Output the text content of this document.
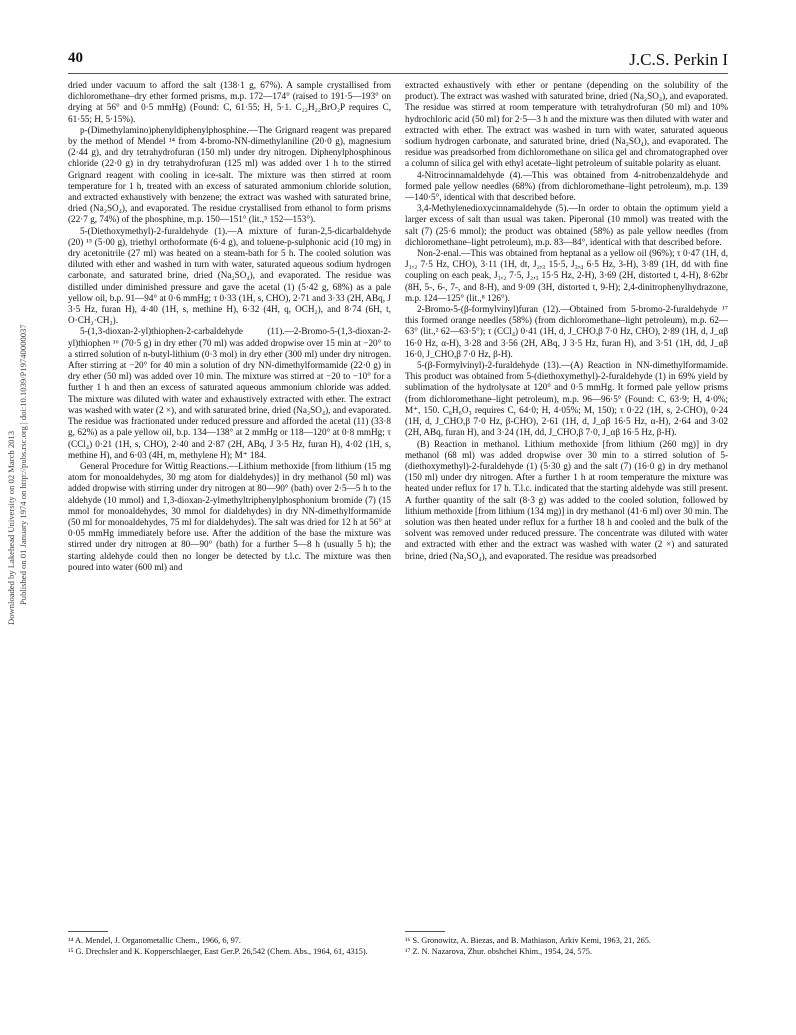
Downloaded by Lakehead University on 02 March 2013 Published on 01 January 1974 on http://pubs.rsc.org | doi:10.1039/P19740000037
40	J.C.S. Perkin I

dried under vacuum to afford the salt (138·1 g, 67%). A sample crystallised from dichloromethane–dry ether formed prisms, m.p. 172—174° (raised to 191·5—193° on drying at 56° and 0·5 mmHg) (Found: C, 61·55; H, 5·1. C₂₂H₂₂BrO₂P requires C, 61·55; H, 5·15%).

p-(Dimethylamino)phenyldiphenylphosphine.—The Grignard reagent was prepared by the method of Mendel ¹⁴ from 4-bromo-NN-dimethylaniline (20·0 g), magnesium (2·44 g), and dry tetrahydrofuran (150 ml) under dry nitrogen. Diphenylphosphinous chloride (22·0 g) in dry tetrahydrofuran (125 ml) was added over 1 h to the stirred Grignard reagent with cooling in ice-salt. The mixture was then stirred at room temperature for 1 h, treated with an excess of saturated ammonium chloride solution, and extracted exhaustively with benzene; the extract was washed with saturated brine, dried (Na₂SO₄), and evaporated. The residue crystallised from ethanol to form prisms (22·7 g, 74%) of the phosphine, m.p. 150—151° (lit.,⁵ 152—153°).

5-(Diethoxymethyl)-2-furaldehyde (1).—A mixture of furan-2,5-dicarbaldehyde (20) ¹⁵ (5·00 g), triethyl orthoformate (6·4 g), and toluene-p-sulphonic acid (10 mg) in dry acetonitrile (27 ml) was heated on a steam-bath for 5 h. The cooled solution was diluted with ether and washed in turn with water, saturated aqueous sodium hydrogen carbonate, and saturated brine, dried (Na₂SO₄), and evaporated. The residue was distilled under diminished pressure and gave the acetal (1) (5·42 g, 68%) as a pale yellow oil, b.p. 91—94° at 0·6 mmHg; τ 0·33 (1H, s, CHO), 2·71 and 3·33 (2H, ABq, J 3·5 Hz, furan H), 4·40 (1H, s, methine H), 6·32 (4H, q, OCH₂), and 8·74 (6H, t, O·CH₂·CH₃).

5-(1,3-dioxan-2-yl)thiophen-2-carbaldehyde (11).—2-Bromo-5-(1,3-dioxan-2-yl)thiophen ¹⁶ (70·5 g) in dry ether (70 ml) was added dropwise over 15 min at −20° to a stirred solution of n-butyl-lithium (0·3 mol) in dry ether (300 ml) under dry nitrogen. After stirring at −20° for 40 min a solution of dry NN-dimethylformamide (22·0 g) in dry ether (50 ml) was added over 10 min. The mixture was stirred at −20 to −10° for a further 1 h and then an excess of saturated aqueous ammonium chloride was added. The mixture was diluted with water and exhaustively extracted with ether. The extract was washed with water (2 ×), and with saturated brine, dried (Na₂SO₄), and evaporated. The residue was fractionated under reduced pressure and afforded the acetal (11) (33·8 g, 62%) as a pale yellow oil, b.p. 134—138° at 2 mmHg or 118—120° at 0·8 mmHg; τ (CCl₄) 0·21 (1H, s, CHO), 2·40 and 2·87 (2H, ABq, J 3·5 Hz, furan H), 4·02 (1H, s, methine H), and 6·03 (4H, m, methylene H); M⁺ 184.

General Procedure for Wittig Reactions.—Lithium methoxide [from lithium (15 mg atom for monoaldehydes, 30 mg atom for dialdehydes)] in dry methanol (50 ml) was added dropwise with stirring under dry nitrogen at 80—90° (bath) over 2·5—5 h to the aldehyde (10 mmol) and 1,3-dioxan-2-ylmethyltriphenylphosphonium bromide (7) (15 mmol for monoaldehydes, 30 mmol for dialdehydes) in dry NN-dimethylformamide (50 ml for monoaldehydes, 75 ml for dialdehydes). The salt was dried for 12 h at 56° at 0·05 mmHg immediately before use. After the addition of the base the mixture was stirred under dry nitrogen at 80—90° (bath) for a further 5—8 h (usually 5 h); the starting aldehyde could then no longer be detected by t.l.c. The mixture was then poured into water (600 ml) and

extracted exhaustively with ether or pentane (depending on the solubility of the product). The extract was washed with saturated brine, dried (Na₂SO₄), and evaporated. The residue was stirred at room temperature with tetrahydrofuran (50 ml) and 10% hydrochloric acid (50 ml) for 2·5—3 h and the mixture was then diluted with water and extracted with ether. The extract was washed in turn with water, saturated aqueous sodium hydrogen carbonate, and saturated brine, dried (Na₂SO₄), and evaporated. The residue was preadsorbed from dichloromethane on silica gel and chromatographed over a column of silica gel with ethyl acetate–light petroleum of suitable polarity as eluant.

4-Nitrocinnamaldehyde (4).—This was obtained from 4-nitrobenzaldehyde and formed pale yellow needles (68%) (from dichloromethane–light petroleum), m.p. 139—140·5°, identical with that described before.

3,4-Methylenedioxycinnamaldehyde (5).—In order to obtain the optimum yield a larger excess of salt than usual was taken. Piperonal (10 mmol) was treated with the salt (7) (25·6 mmol); the product was obtained (58%) as pale yellow needles (from dichloromethane–light petroleum), m.p. 83—84°, identical with that described before.

Non-2-enal.—This was obtained from heptanal as a yellow oil (96%); τ 0·47 (1H, d, J₁,₂ 7·5 Hz, CHO), 3·11 (1H, dt, J₂,₃ 15·5, J₃,₄ 6·5 Hz, 3-H), 3·89 (1H, dd with fine coupling on each peak, J₁,₂ 7·5, J₂,₃ 15·5 Hz, 2-H), 3·69 (2H, distorted t, 4-H), 8·62br (8H, 5-, 6-, 7-, and 8-H), and 9·09 (3H, distorted t, 9-H); 2,4-dinitrophenylhydrazone, m.p. 124—125° (lit.,⁸ 126°).

2-Bromo-5-(β-formylvinyl)furan (12).—Obtained from 5-bromo-2-furaldehyde ¹⁷ this formed orange needles (58%) (from dichloromethane–light petroleum), m.p. 62—63° (lit.,² 62—63·5°); τ (CCl₄) 0·41 (1H, d, J_CHO,β 7·0 Hz, CHO), 2·89 (1H, d, J_αβ 16·0 Hz, α-H), 3·28 and 3·56 (2H, ABq, J 3·5 Hz, furan H), and 3·51 (1H, dd, J_αβ 16·0, J_CHO,β 7·0 Hz, β-H).

5-(β-Formylvinyl)-2-furaldehyde (13).—(A) Reaction in NN-dimethylformamide. This product was obtained from 5-(diethoxymethyl)-2-furaldehyde (1) in 69% yield by sublimation of the hydrolysate at 120° and 0·5 mmHg. It formed pale yellow prisms (from dichloromethane–light petroleum), m.p. 96—96·5° (Found: C, 63·9; H, 4·0%; M⁺, 150. C₈H₆O₃ requires C, 64·0; H, 4·05%; M, 150); τ 0·22 (1H, s, 2-CHO), 0·24 (1H, d, J_CHO,β 7·0 Hz, β-CHO), 2·61 (1H, d, J_αβ 16·5 Hz, α-H), 2·64 and 3·02 (2H, ABq, furan H), and 3·24 (1H, dd, J_CHO,β 7·0, J_αβ 16·5 Hz, β-H).

(B) Reaction in methanol. Lithium methoxide [from lithium (260 mg)] in dry methanol (68 ml) was added dropwise over 30 min to a stirred solution of 5-(diethoxymethyl)-2-furaldehyde (1) (5·30 g) and the salt (7) (16·0 g) in dry methanol (150 ml) under dry nitrogen. After a further 1 h at room temperature the mixture was heated under reflux for 17 h. T.l.c. indicated that the starting aldehyde was still present. A further quantity of the salt (8·3 g) was added to the cooled solution, followed by lithium methoxide [from lithium (134 mg)] in dry methanol (41·6 ml) over 30 min. The solution was then heated under reflux for a further 18 h and cooled and the bulk of the solvent was removed under reduced pressure. The concentrate was diluted with water and extracted with ether and the extract was washed with water (2 ×) and saturated brine, dried (Na₂SO₄), and evaporated. The residue was preadsorbed

¹⁴ A. Mendel, J. Organometallic Chem., 1966, 6, 97.
¹⁵ G. Drechsler and K. Kopperschlaeger, East Ger.P. 26,542 (Chem. Abs., 1964, 61, 4315).
¹⁶ S. Gronowitz, A. Biezas, and B. Mathiason, Arkiv Kemi, 1963, 21, 265.
¹⁷ Z. N. Nazarova, Zhur. obshchei Khim., 1954, 24, 575.
